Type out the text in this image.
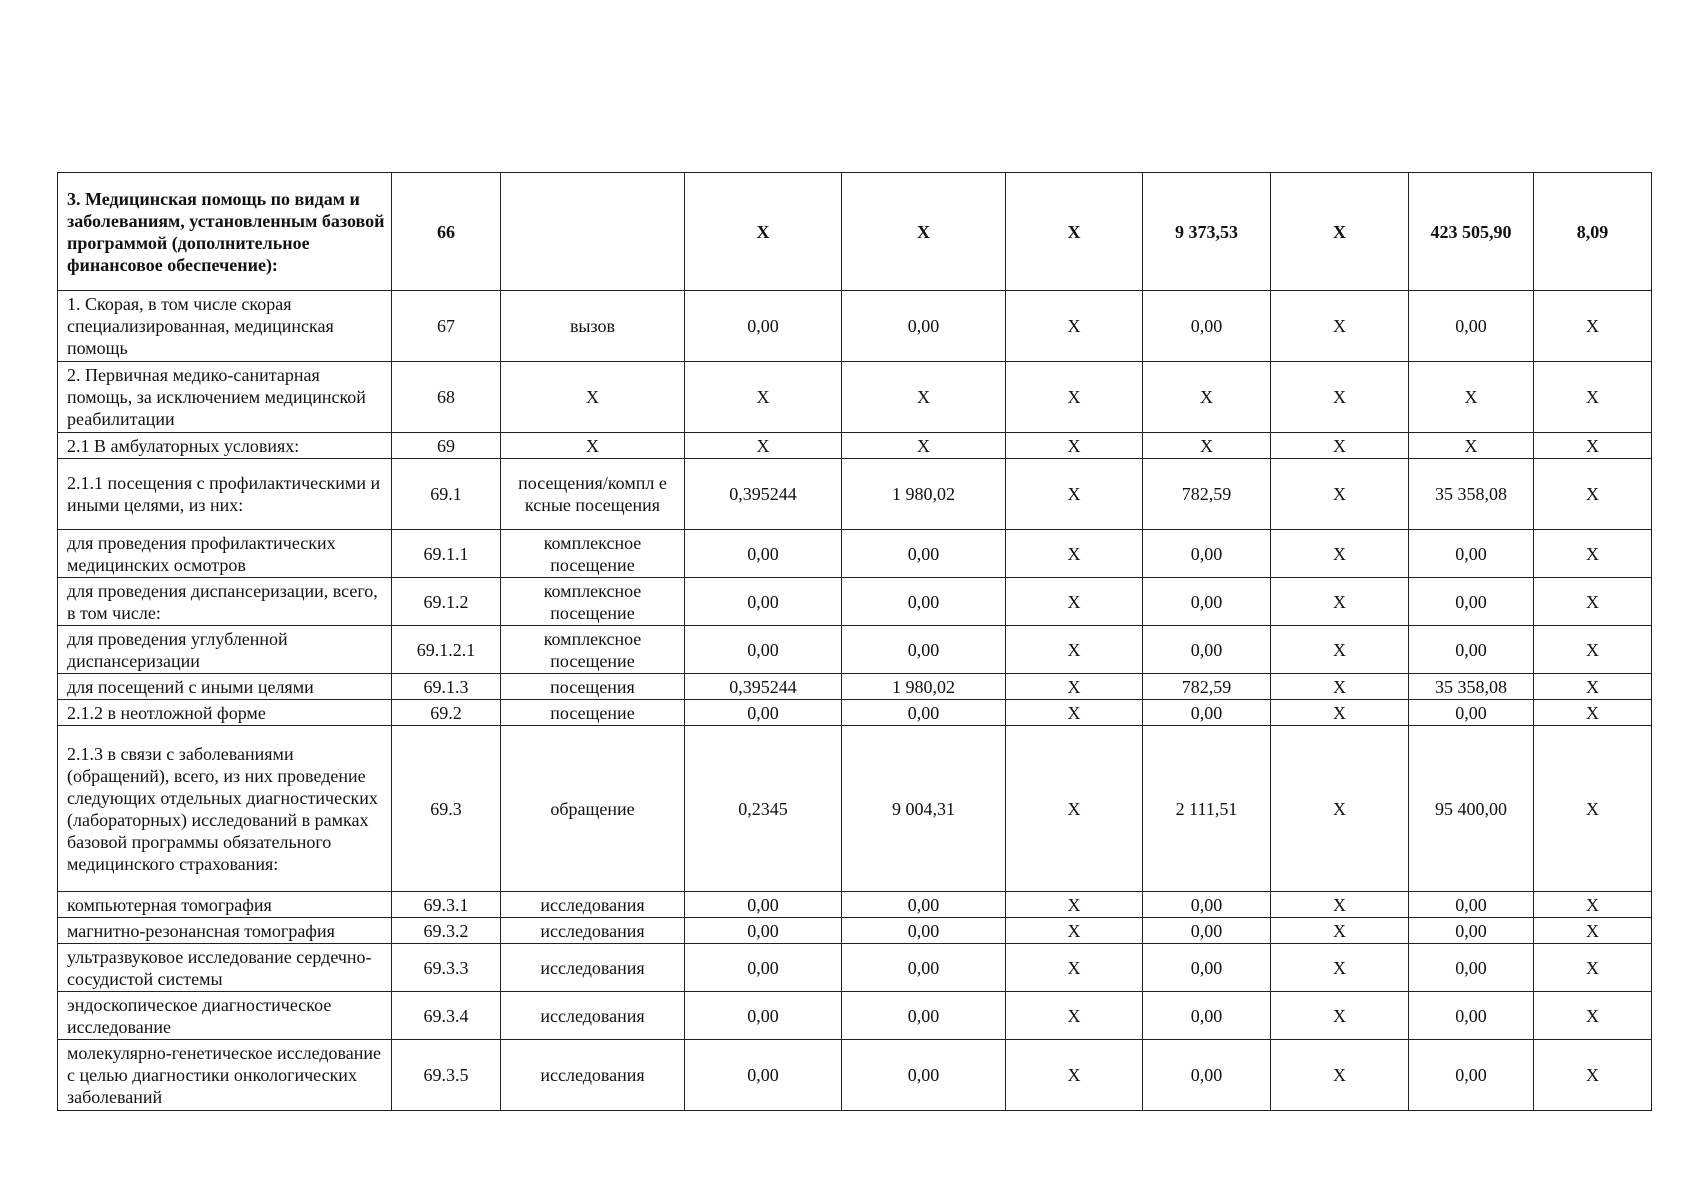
3. Медицинская помощь по видам и заболеваниям, установленным базовой программой (дополнительное финансовое обеспечение):	66		X	X	X	9 373,53	X	423 505,90	8,09
1. Скорая, в том числе скорая специализированная, медицинская помощь	67	вызов	0,00	0,00	X	0,00	X	0,00	X
2. Первичная медико-санитарная помощь, за исключением медицинской реабилитации	68	X	X	X	X	X	X	X	X
2.1 В амбулаторных условиях:	69	X	X	X	X	X	X	X	X
2.1.1 посещения с профилактическими и иными целями, из них:	69.1	посещения/компл е ксные посещения	0,395244	1 980,02	X	782,59	X	35 358,08	X
для проведения профилактических медицинских осмотров	69.1.1	комплексное посещение	0,00	0,00	X	0,00	X	0,00	X
для проведения диспансеризации, всего, в том числе:	69.1.2	комплексное посещение	0,00	0,00	X	0,00	X	0,00	X
для проведения углубленной диспансеризации	69.1.2.1	комплексное посещение	0,00	0,00	X	0,00	X	0,00	X
для посещений с иными целями	69.1.3	посещения	0,395244	1 980,02	X	782,59	X	35 358,08	X
2.1.2 в неотложной форме	69.2	посещение	0,00	0,00	X	0,00	X	0,00	X
2.1.3 в связи с заболеваниями (обращений), всего, из них проведение следующих отдельных диагностических (лабораторных) исследований в рамках базовой программы обязательного медицинского страхования:	69.3	обращение	0,2345	9 004,31	X	2 111,51	X	95 400,00	X
компьютерная томография	69.3.1	исследования	0,00	0,00	X	0,00	X	0,00	X
магнитно-резонансная томография	69.3.2	исследования	0,00	0,00	X	0,00	X	0,00	X
ультразвуковое исследование сердечно-сосудистой системы	69.3.3	исследования	0,00	0,00	X	0,00	X	0,00	X
эндоскопическое диагностическое исследование	69.3.4	исследования	0,00	0,00	X	0,00	X	0,00	X
молекулярно-генетическое исследование с целью диагностики онкологических заболеваний	69.3.5	исследования	0,00	0,00	X	0,00	X	0,00	X
